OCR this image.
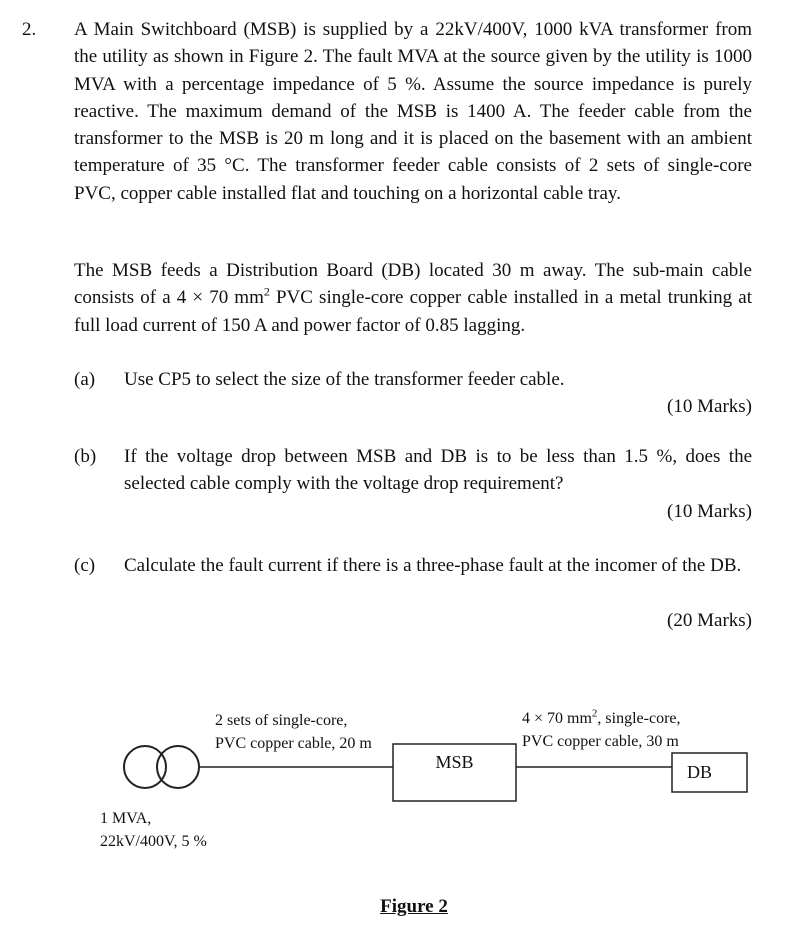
2. A Main Switchboard (MSB) is supplied by a 22kV/400V, 1000 kVA transformer from the utility as shown in Figure 2. The fault MVA at the source given by the utility is 1000 MVA with a percentage impedance of 5 %. Assume the source impedance is purely reactive. The maximum demand of the MSB is 1400 A. The feeder cable from the transformer to the MSB is 20 m long and it is placed on the basement with an ambient temperature of 35 °C. The transformer feeder cable consists of 2 sets of single-core PVC, copper cable installed flat and touching on a horizontal cable tray.
The MSB feeds a Distribution Board (DB) located 30 m away. The sub-main cable consists of a 4 × 70 $mm^2$ PVC single-core copper cable installed in a metal trunking at full load current of 150 A and power factor of 0.85 lagging.
(a) Use CP5 to select the size of the transformer feeder cable.
(10 Marks)
(b) If the voltage drop between MSB and DB is to be less than 1.5 %, does the selected cable comply with the voltage drop requirement?
(10 Marks)
(c) Calculate the fault current if there is a three-phase fault at the incomer of the DB.
(20 Marks)
2 sets of single-core,
PVC copper cable, 20 m
4 × 70 $mm^2$, single-core,
PVC copper cable, 30 m
MSB	DB
1 MVA,
22kV/400V, 5 %
Figure 2
